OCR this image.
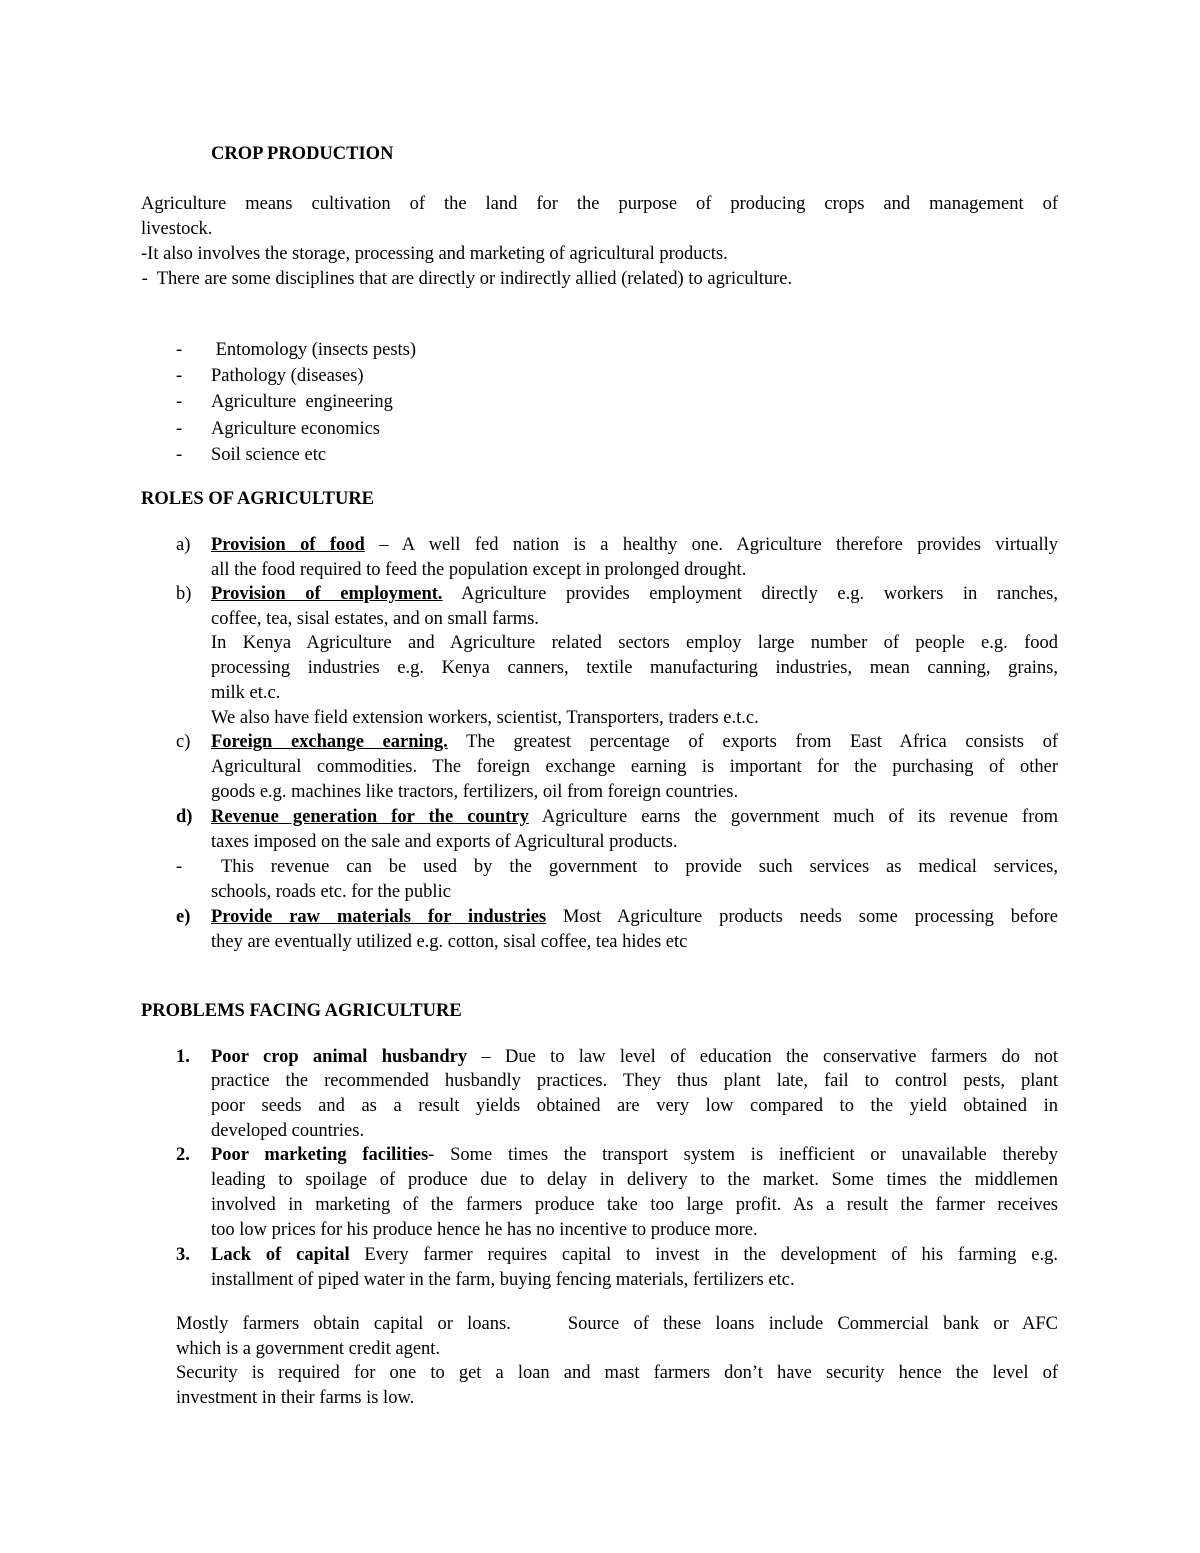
CROP PRODUCTION
Agriculture means cultivation of the land for the purpose of producing crops and management of
livestock.
-It also involves the storage, processing and marketing of agricultural products.
-  There are some disciplines that are directly or indirectly allied (related) to agriculture.
- Entomology (insects pests)
- Pathology (diseases)
- Agriculture  engineering
- Agriculture economics
- Soil science etc
ROLES OF AGRICULTURE
a) Provision of food – A well fed nation is a healthy one. Agriculture therefore provides virtually
all the food required to feed the population except in prolonged drought.
b) Provision of employment. Agriculture provides employment directly e.g. workers in ranches,
coffee, tea, sisal estates, and on small farms.
In Kenya Agriculture and Agriculture related sectors employ large number of people e.g. food
processing industries e.g. Kenya canners, textile manufacturing industries, mean canning, grains,
milk et.c.
We also have field extension workers, scientist, Transporters, traders e.t.c.
c) Foreign exchange earning. The greatest percentage of exports from East Africa consists of
Agricultural commodities. The foreign exchange earning is important for the purchasing of other
goods e.g. machines like tractors, fertilizers, oil from foreign countries.
d) Revenue generation for the country Agriculture earns the government much of its revenue from
taxes imposed on the sale and exports of Agricultural products.
- This revenue can be used by the government to provide such services as medical services,
schools, roads etc. for the public
e) Provide raw materials for industries Most Agriculture products needs some processing before
they are eventually utilized e.g. cotton, sisal coffee, tea hides etc
PROBLEMS FACING AGRICULTURE
1. Poor crop animal husbandry – Due to law level of education the conservative farmers do not
practice the recommended husbandly practices. They thus plant late, fail to control pests, plant
poor seeds and as a result yields obtained are very low compared to the yield obtained in
developed countries.
2. Poor marketing facilities- Some times the transport system is inefficient or unavailable thereby
leading to spoilage of produce due to delay in delivery to the market. Some times the middlemen
involved in marketing of the farmers produce take too large profit. As a result the farmer receives
too low prices for his produce hence he has no incentive to produce more.
3. Lack of capital Every farmer requires capital to invest in the development of his farming e.g.
installment of piped water in the farm, buying fencing materials, fertilizers etc.
Mostly farmers obtain capital or loans.    Source of these loans include Commercial bank or AFC
which is a government credit agent.
Security is required for one to get a loan and mast farmers don’t have security hence the level of
investment in their farms is low.
